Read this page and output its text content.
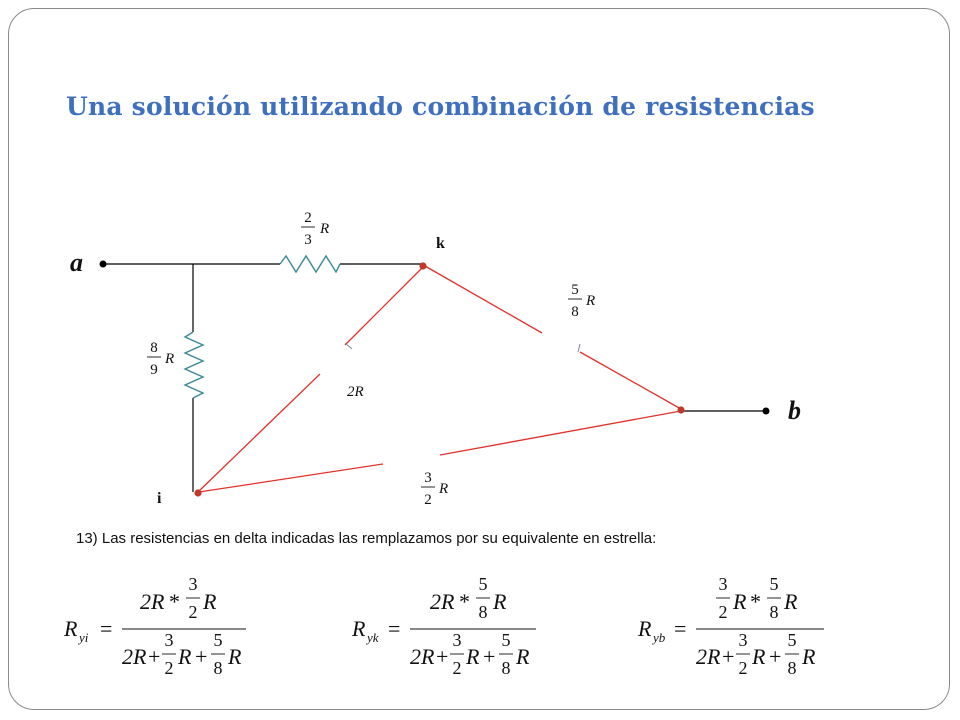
Una solución utilizando combinación de resistencias
a
b
k
i
2
3
R
8
9
R
5
8
R
2R
3
2
R
13) Las resistencias en delta indicadas las remplazamos por su equivalente en estrella:
R yi =
2R *
3
2 R
2R +
3
2 R +
5
8 R
R yk =
2R *
5
8 R
2R +
3
2 R +
5
8 R
R yb =
3
2 R *
5
8 R
2R +
3
2 R +
5
8 R
